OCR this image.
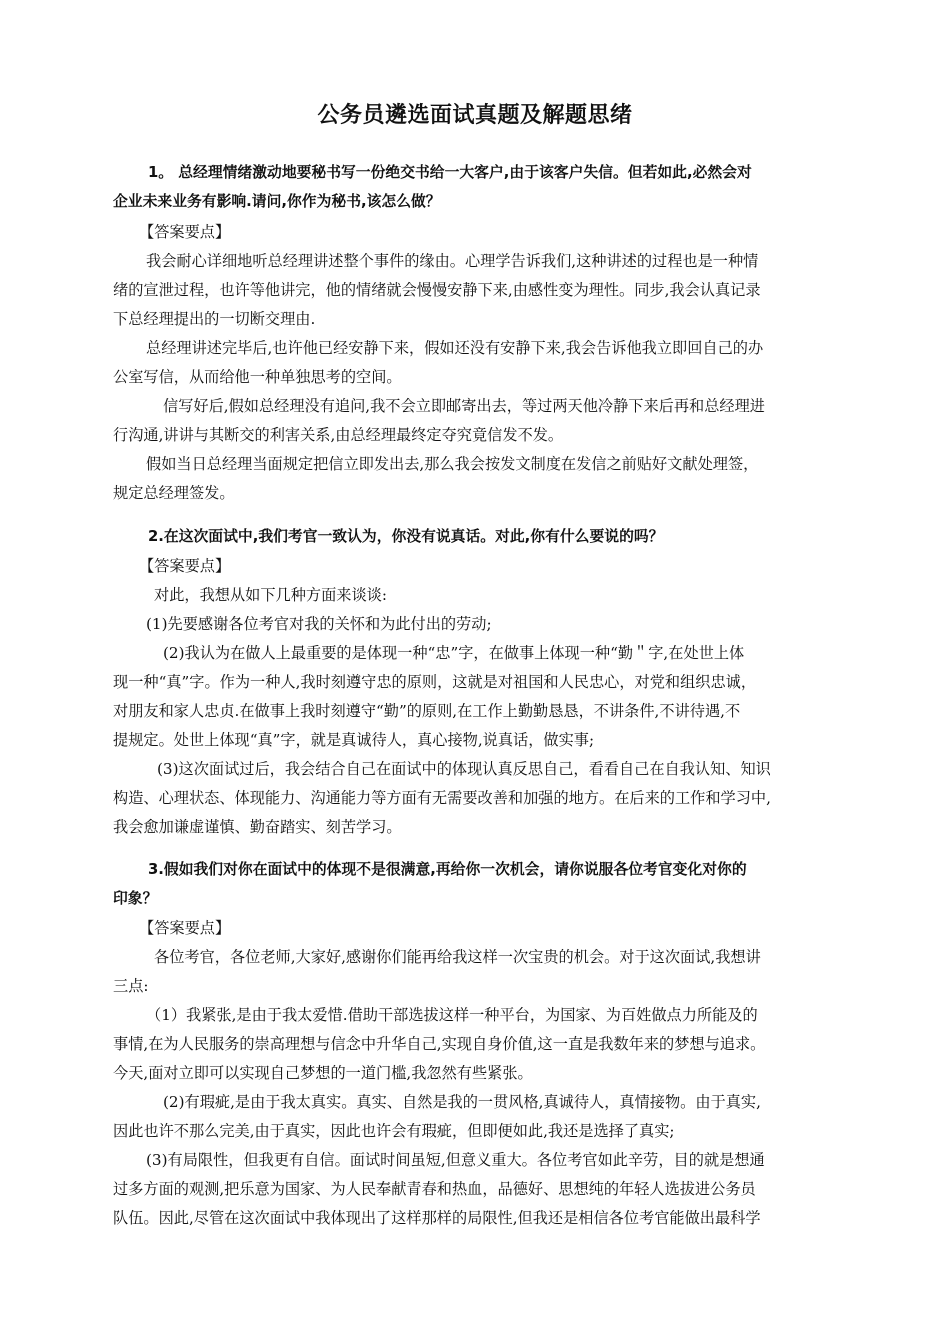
公务员遴选面试真题及解题思绪
1。 总经理情绪激动地要秘书写一份绝交书给一大客户,由于该客户失信。但若如此,必然会对
企业未来业务有影响.请问,你作为秘书,该怎么做？
【答案要点】
我会耐心详细地听总经理讲述整个事件的缘由。心理学告诉我们,这种讲述的过程也是一种情
绪的宣泄过程，也许等他讲完，他的情绪就会慢慢安静下来,由感性变为理性。同步,我会认真记录
下总经理提出的一切断交理由.
总经理讲述完毕后,也许他已经安静下来，假如还没有安静下来,我会告诉他我立即回自己的办
公室写信，从而给他一种单独思考的空间。
信写好后,假如总经理没有追问,我不会立即邮寄出去，等过两天他冷静下来后再和总经理进
行沟通,讲讲与其断交的利害关系,由总经理最终定夺究竟信发不发。
假如当日总经理当面规定把信立即发出去,那么我会按发文制度在发信之前贴好文献处理签，
规定总经理签发。
2.在这次面试中,我们考官一致认为，你没有说真话。对此,你有什么要说的吗？
【答案要点】
对此，我想从如下几种方面来谈谈:
(1)先要感谢各位考官对我的关怀和为此付出的劳动;
(2)我认为在做人上最重要的是体现一种“忠”字，在做事上体现一种“勤＂字,在处世上体
现一种“真”字。作为一种人,我时刻遵守忠的原则，这就是对祖国和人民忠心，对党和组织忠诚，
对朋友和家人忠贞.在做事上我时刻遵守“勤”的原则,在工作上勤勤恳恳，不讲条件,不讲待遇,不
提规定。处世上体现“真”字，就是真诚待人，真心接物,说真话，做实事;
(3)这次面试过后，我会结合自己在面试中的体现认真反思自己，看看自己在自我认知、知识
构造、心理状态、体现能力、沟通能力等方面有无需要改善和加强的地方。在后来的工作和学习中,
我会愈加谦虚谨慎、勤奋踏实、刻苦学习。
3.假如我们对你在面试中的体现不是很满意,再给你一次机会，请你说服各位考官变化对你的
印象？
【答案要点】
各位考官，各位老师,大家好,感谢你们能再给我这样一次宝贵的机会。对于这次面试,我想讲
三点:
（1）我紧张,是由于我太爱惜.借助干部选拔这样一种平台，为国家、为百姓做点力所能及的
事情,在为人民服务的崇高理想与信念中升华自己,实现自身价值,这一直是我数年来的梦想与追求。
今天,面对立即可以实现自己梦想的一道门槛,我忽然有些紧张。
(2)有瑕疵,是由于我太真实。真实、自然是我的一贯风格,真诚待人，真情接物。由于真实,
因此也许不那么完美,由于真实，因此也许会有瑕疵，但即便如此,我还是选择了真实;
(3)有局限性，但我更有自信。面试时间虽短,但意义重大。各位考官如此辛劳，目的就是想通
过多方面的观测,把乐意为国家、为人民奉献青春和热血，品德好、思想纯的年轻人选拔进公务员
队伍。因此,尽管在这次面试中我体现出了这样那样的局限性,但我还是相信各位考官能做出最科学
